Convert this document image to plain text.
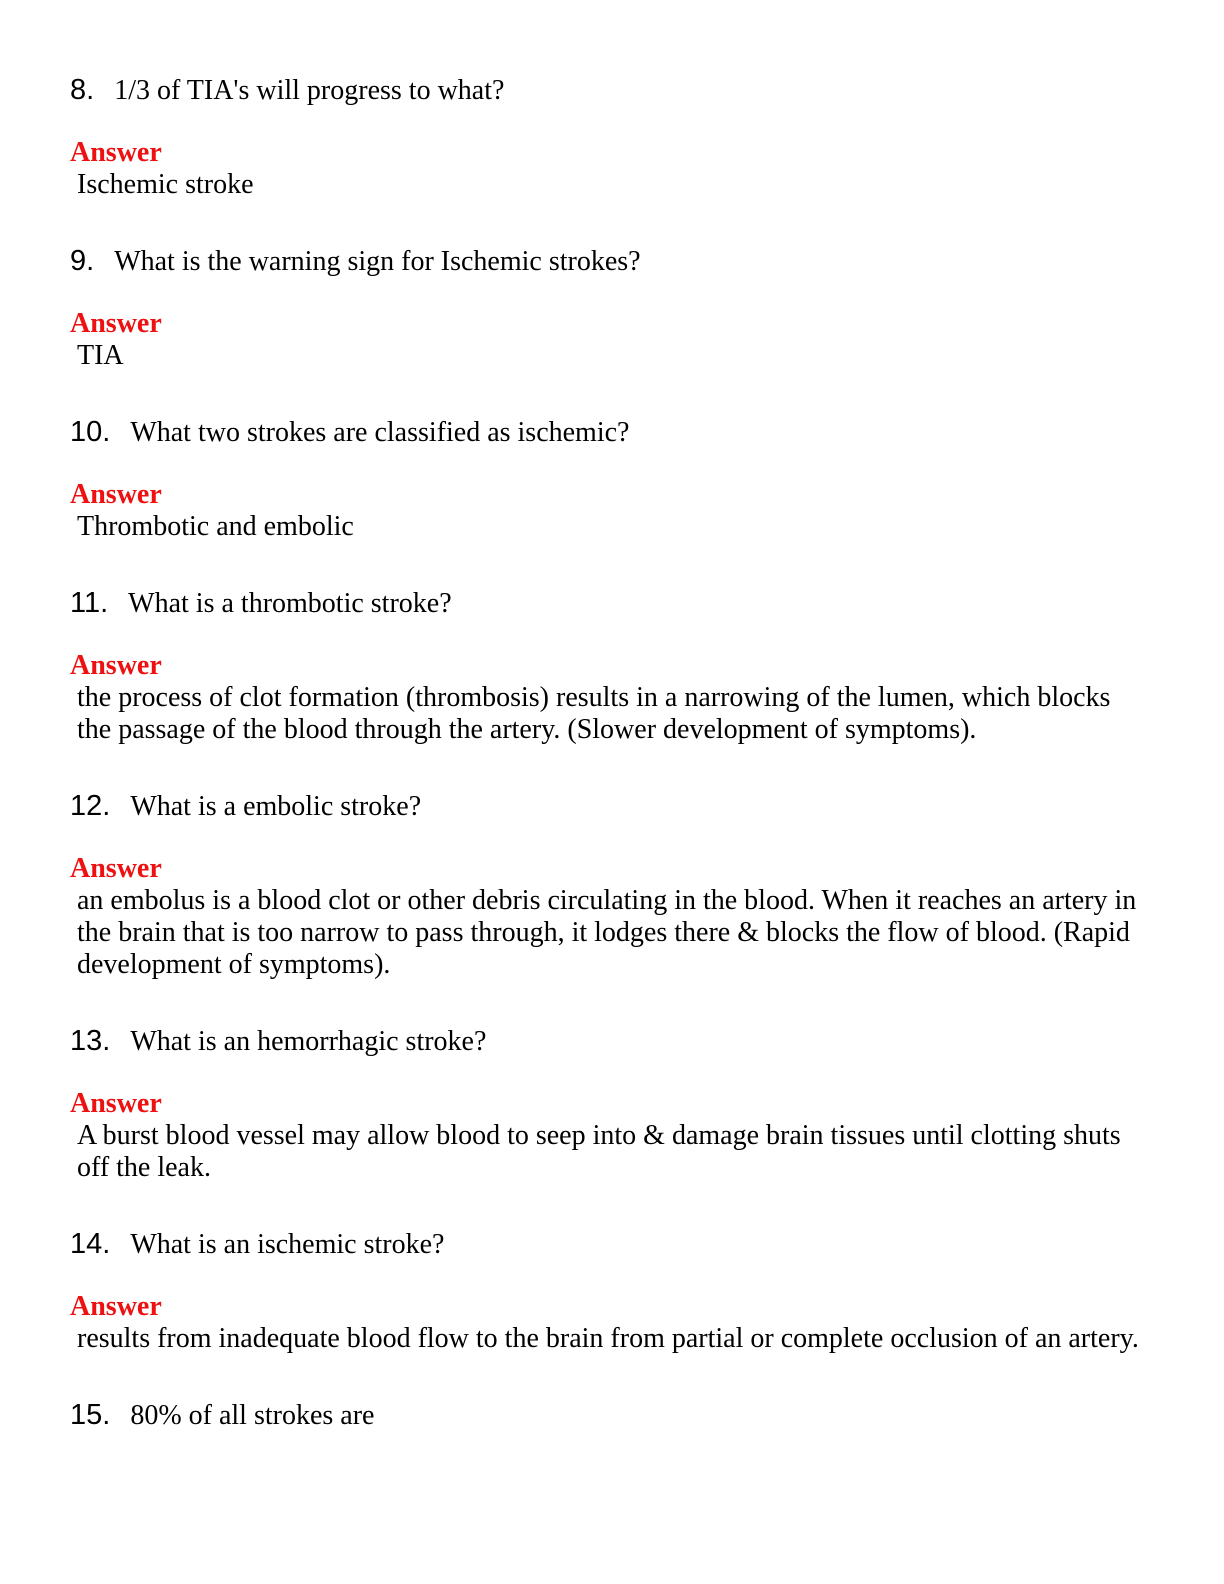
8. 1/3 of TIA's will progress to what?
Answer
Ischemic stroke
9. What is the warning sign for Ischemic strokes?
Answer
TIA
10. What two strokes are classified as ischemic?
Answer
Thrombotic and embolic
11. What is a thrombotic stroke?
Answer
the process of clot formation (thrombosis) results in a narrowing of the lumen, which blocks the passage of the blood through the artery. (Slower development of symptoms).
12. What is a embolic stroke?
Answer
an embolus is a blood clot or other debris circulating in the blood. When it reaches an artery in the brain that is too narrow to pass through, it lodges there & blocks the flow of blood. (Rapid development of symptoms).
13. What is an hemorrhagic stroke?
Answer
A burst blood vessel may allow blood to seep into & damage brain tissues until clotting shuts off the leak.
14. What is an ischemic stroke?
Answer
results from inadequate blood flow to the brain from partial or complete occlusion of an artery.
15. 80% of all strokes are
